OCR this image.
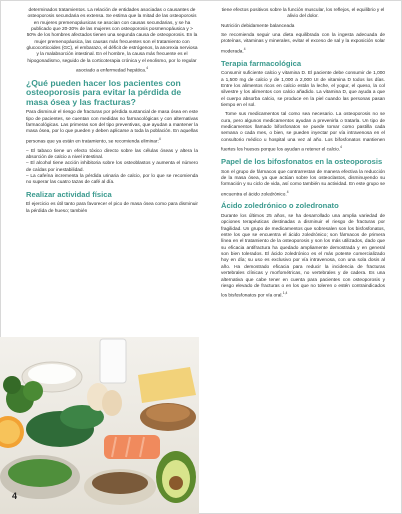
determinados tratamientos. La relación de entidades asociadas o causantes de osteoporosis secundaria es extensa. Se estima que la mitad de las osteoporosis en mujeres premenopáusicas se asocian con causas secundarias, y se ha publicado que 20-30% de las mujeres con osteoporosis posmenopáusica y > 50% de los hombres afectados tienen una segunda causa de osteoporosis. En la mujer premenopáusica, las causas más frecuentes son el tratamiento con glucocorticoides (GC), el embarazo, el déficit de estrógenos, la anorexia nerviosa y la malabsorción intestinal. En el hombre, la causa más frecuente es el hipogonadismo, seguido de la corticoterapia crónica y el enolismo, por lo regular asociado a enfermedad hepática.$^4$

¿Qué pueden hacer los pacientes con osteoporosis para evitar la pérdida de masa ósea y las fracturas?

Para disminuir el riesgo de fracturas por pérdida sustancial de masa ósea en este tipo de pacientes, se cuentan con medidas no farmacológicas y con alternativas farmacológicas. Las primeras son del tipo preventivas, que ayudan a mantener la masa ósea, por lo que pueden y deben aplicarse a toda la población. En aquellas personas que ya están en tratamiento, se recomienda eliminar:$^4$

– El tabaco tiene un efecto tóxico directo sobre las células óseas y altera la absorción de calcio a nivel intestinal.
– El alcohol tiene acción inhibitoria sobre los osteoblastos y aumenta el número de caídas por inestabilidad.
– La cafeína incrementa la pérdida urinaria de calcio, por lo que se recomienda no superar las cuatro tazas de café al día.
Realizar actividad física

El ejercicio es útil tanto para favorecer el pico de masa ósea como para disminuir la pérdida de hueso; también

4

tiene efectos positivos sobre la función muscular, los reflejos, el equilibrio y el alivio del dolor.

Nutrición debidamente balanceada

Se recomienda seguir una dieta equilibrada con la ingesta adecuada de proteínas, vitaminas y minerales, evitar el exceso de sal y la exposición solar moderada.$^4$

Terapia farmacológica

Consumir suficiente calcio y vitamina D. El paciente debe consumir de 1,000 a 1,500 mg de calcio y de 1,000 a 2,000 UI de vitamina D todos los días. Entre los alimentos ricos en calcio están la leche, el yogur, el queso, la col silvestre y los alimentos con calcio añadido. La vitamina D, que ayuda a que el cuerpo absorba calcio, se produce en la piel cuando las personas pasan tiempo en el sol.

Tome sus medicamentos tal como sea necesario. La osteoporosis no se cura, pero algunos medicamentos ayudan a prevenirla o tratarla. Un tipo de medicamentos llamado bifosfonatos se puede tomar como pastilla cada semana o cada mes, o bien, se pueden inyectar por vía intravenosa en el consultorio médico u hospital una vez al año. Los bifosfonatos mantienen fuertes los huesos porque los ayudan a retener el calcio.$^4$

Papel de los bifosfonatos en la osteoporosis

Son el grupo de fármacos que contrarrestan de manera efectiva la reducción de la masa ósea, ya que actúan sobre los osteoclastos, disminuyendo su formación y su ciclo de vida, así como también su actividad. En este grupo se encuentra el ácido zoledrónico.$^4$

Ácido zoledrónico o zoledronato

Durante los últimos 25 años, se ha desarrollado una amplia variedad de opciones terapéuticas destinadas a disminuir el riesgo de fracturas por fragilidad. Un grupo de medicamentos que sobresalen son los bisfosfonatos, entre los que se encuentra el ácido zoledrónico; son fármacos de primera línea en el tratamiento de la osteoporosis y son los más utilizados, dado que su eficacia antifractura ha quedado ampliamente demostrada y en general son bien tolerados. El ácido zoledrónico es el más potente comercializado hoy en día; su uso es exclusivo por vía intravenosa, con una sola dosis al año. Ha demostrado eficacia para reducir la incidencia de fracturas vertebrales clínicas y morfométricas, no vertebrales y de cadera. Es una alternativa que cabe tener en cuenta para pacientes con osteoporosis y riesgo elevado de fracturas o en los que no toleren o estén contraindicados los bisfosfonatos por vía oral.$^{1,4}$
